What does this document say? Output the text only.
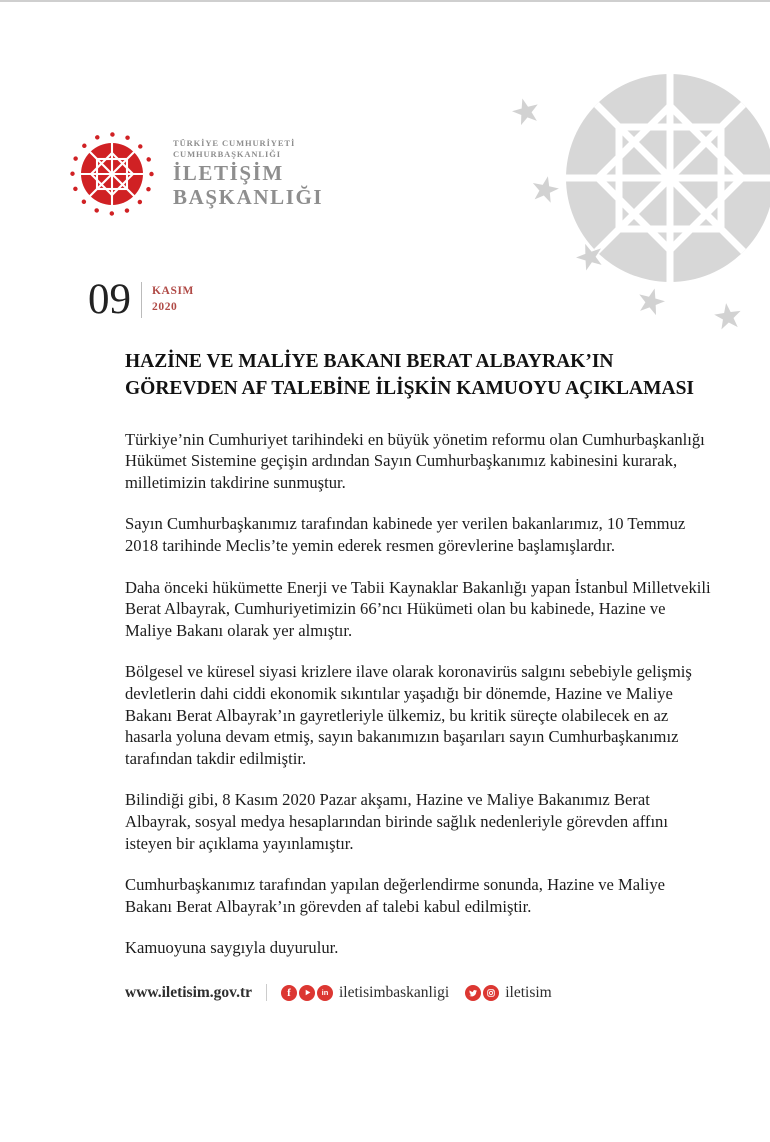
TÜRKİYE CUMHURİYETİ
CUMHURBAŞKANLIĞI
İLETİŞİM
BAŞKANLIĞI
09 KASIM
2020
HAZİNE VE MALİYE BAKANI BERAT ALBAYRAK’IN
GÖREVDEN AF TALEBİNE İLİŞKİN KAMUOYU AÇIKLAMASI

Türkiye’nin Cumhuriyet tarihindeki en büyük yönetim reformu olan Cumhurbaşkanlığı Hükümet Sistemine geçişin ardından Sayın Cumhurbaşkanımız kabinesini kurarak, milletimizin takdirine sunmuştur.

Sayın Cumhurbaşkanımız tarafından kabinede yer verilen bakanlarımız, 10 Temmuz 2018 tarihinde Meclis’te yemin ederek resmen görevlerine başlamışlardır.

Daha önceki hükümette Enerji ve Tabii Kaynaklar Bakanlığı yapan İstanbul Milletvekili Berat Albayrak, Cumhuriyetimizin 66’ncı Hükümeti olan bu kabinede, Hazine ve Maliye Bakanı olarak yer almıştır.

Bölgesel ve küresel siyasi krizlere ilave olarak koronavirüs salgını sebebiyle gelişmiş devletlerin dahi ciddi ekonomik sıkıntılar yaşadığı bir dönemde, Hazine ve Maliye Bakanı Berat Albayrak’ın gayretleriyle ülkemiz, bu kritik süreçte olabilecek en az hasarla yoluna devam etmiş, sayın bakanımızın başarıları sayın Cumhurbaşkanımız tarafından takdir edilmiştir.

Bilindiği gibi, 8 Kasım 2020 Pazar akşamı, Hazine ve Maliye Bakanımız Berat Albayrak, sosyal medya hesaplarından birinde sağlık nedenleriyle görevden affını isteyen bir açıklama yayınlamıştır.

Cumhurbaşkanımız tarafından yapılan değerlendirme sonunda, Hazine ve Maliye Bakanı Berat Albayrak’ın görevden af talebi kabul edilmiştir.

Kamuoyuna saygıyla duyurulur.

www.iletisim.gov.tr	f	in iletisimbaskanligi	iletisim
